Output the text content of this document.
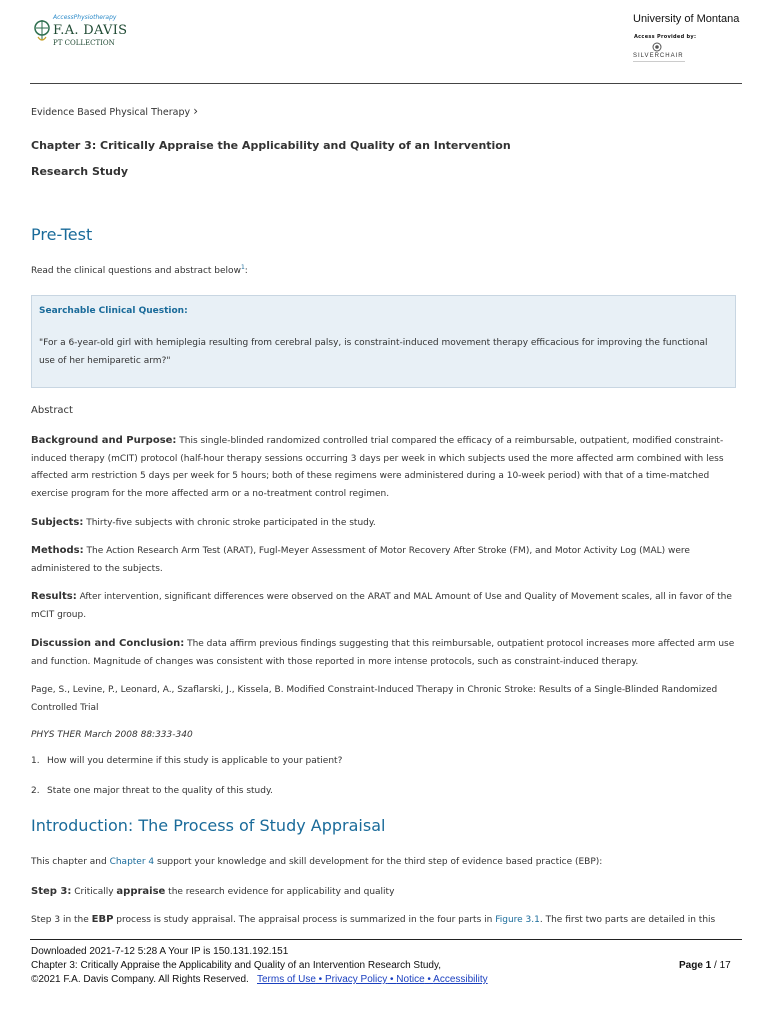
AccessPhysiotherapy
F.A. DAVIS
PT COLLECTION
University of Montana
Access Provided by:
SILVERCHAIR
Evidence Based Physical Therapy ›
Chapter 3: Critically Appraise the Applicability and Quality of an Intervention
Research Study
Pre-Test
Read the clinical questions and abstract below$^1$:
Searchable Clinical Question:
"For a 6-year-old girl with hemiplegia resulting from cerebral palsy, is constraint-induced movement therapy efficacious for improving the functional use of her hemiparetic arm?"
Abstract
Background and Purpose: This single-blinded randomized controlled trial compared the efficacy of a reimbursable, outpatient, modified constraint-induced therapy (mCIT) protocol (half-hour therapy sessions occurring 3 days per week in which subjects used the more affected arm combined with less affected arm restriction 5 days per week for 5 hours; both of these regimens were administered during a 10-week period) with that of a time-matched exercise program for the more affected arm or a no-treatment control regimen.
Subjects: Thirty-five subjects with chronic stroke participated in the study.
Methods: The Action Research Arm Test (ARAT), Fugl-Meyer Assessment of Motor Recovery After Stroke (FM), and Motor Activity Log (MAL) were administered to the subjects.
Results: After intervention, significant differences were observed on the ARAT and MAL Amount of Use and Quality of Movement scales, all in favor of the mCIT group.
Discussion and Conclusion: The data affirm previous findings suggesting that this reimbursable, outpatient protocol increases more affected arm use and function. Magnitude of changes was consistent with those reported in more intense protocols, such as constraint-induced therapy.
Page, S., Levine, P., Leonard, A., Szaflarski, J., Kissela, B. Modified Constraint-Induced Therapy in Chronic Stroke: Results of a Single-Blinded Randomized Controlled Trial
PHYS THER March 2008 88:333-340
1. How will you determine if this study is applicable to your patient?
2. State one major threat to the quality of this study.
Introduction: The Process of Study Appraisal
This chapter and Chapter 4 support your knowledge and skill development for the third step of evidence based practice (EBP):
Step 3: Critically appraise the research evidence for applicability and quality
Step 3 in the EBP process is study appraisal. The appraisal process is summarized in the four parts in Figure 3.1. The first two parts are detailed in this
Downloaded 2021-7-12 5:28 A Your IP is 150.131.192.151
Chapter 3: Critically Appraise the Applicability and Quality of an Intervention Research Study,
©2021 F.A. Davis Company. All Rights Reserved. Terms of Use • Privacy Policy • Notice • Accessibility
Page 1 / 17
